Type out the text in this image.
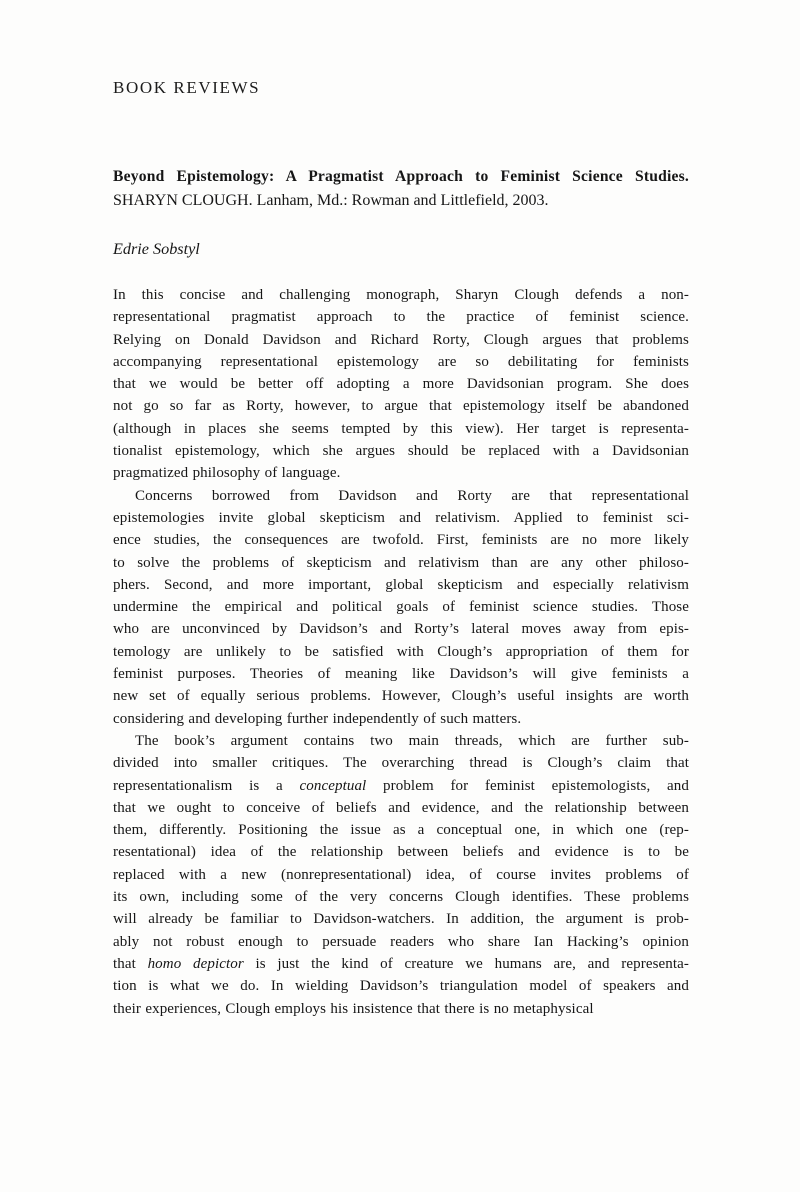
BOOK REVIEWS
Beyond Epistemology: A Pragmatist Approach to Feminist Science Studies.
SHARYN CLOUGH. Lanham, Md.: Rowman and Littlefield, 2003.
Edrie Sobstyl
In this concise and challenging monograph, Sharyn Clough defends a non-
representational pragmatist approach to the practice of feminist science.
Relying on Donald Davidson and Richard Rorty, Clough argues that problems
accompanying representational epistemology are so debilitating for feminists
that we would be better off adopting a more Davidsonian program. She does
not go so far as Rorty, however, to argue that epistemology itself be abandoned
(although in places she seems tempted by this view). Her target is representa-
tionalist epistemology, which she argues should be replaced with a Davidsonian
pragmatized philosophy of language.
Concerns borrowed from Davidson and Rorty are that representational
epistemologies invite global skepticism and relativism. Applied to feminist sci-
ence studies, the consequences are twofold. First, feminists are no more likely
to solve the problems of skepticism and relativism than are any other philoso-
phers. Second, and more important, global skepticism and especially relativism
undermine the empirical and political goals of feminist science studies. Those
who are unconvinced by Davidson’s and Rorty’s lateral moves away from epis-
temology are unlikely to be satisfied with Clough’s appropriation of them for
feminist purposes. Theories of meaning like Davidson’s will give feminists a
new set of equally serious problems. However, Clough’s useful insights are worth
considering and developing further independently of such matters.
The book’s argument contains two main threads, which are further sub-
divided into smaller critiques. The overarching thread is Clough’s claim that
representationalism is a conceptual problem for feminist epistemologists, and
that we ought to conceive of beliefs and evidence, and the relationship between
them, differently. Positioning the issue as a conceptual one, in which one (rep-
resentational) idea of the relationship between beliefs and evidence is to be
replaced with a new (nonrepresentational) idea, of course invites problems of
its own, including some of the very concerns Clough identifies. These problems
will already be familiar to Davidson-watchers. In addition, the argument is prob-
ably not robust enough to persuade readers who share Ian Hacking’s opinion
that homo depictor is just the kind of creature we humans are, and representa-
tion is what we do. In wielding Davidson’s triangulation model of speakers and
their experiences, Clough employs his insistence that there is no metaphysical
